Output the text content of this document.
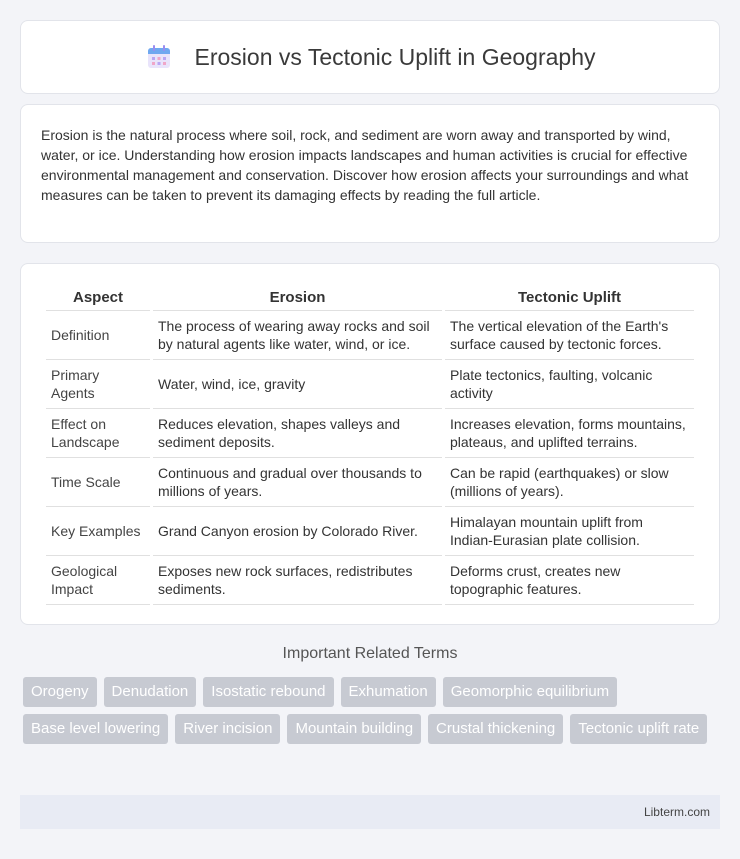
Erosion vs Tectonic Uplift in Geography

Erosion is the natural process where soil, rock, and sediment are worn away and transported by wind, water, or ice. Understanding how erosion impacts landscapes and human activities is crucial for effective environmental management and conservation. Discover how erosion affects your surroundings and what measures can be taken to prevent its damaging effects by reading the full article.

Aspect	Erosion	Tectonic Uplift
Definition	The process of wearing away rocks and soil by natural agents like water, wind, or ice.	The vertical elevation of the Earth's surface caused by tectonic forces.
Primary Agents	Water, wind, ice, gravity	Plate tectonics, faulting, volcanic activity
Effect on Landscape	Reduces elevation, shapes valleys and sediment deposits.	Increases elevation, forms mountains, plateaus, and uplifted terrains.
Time Scale	Continuous and gradual over thousands to millions of years.	Can be rapid (earthquakes) or slow (millions of years).
Key Examples	Grand Canyon erosion by Colorado River.	Himalayan mountain uplift from Indian-Eurasian plate collision.
Geological Impact	Exposes new rock surfaces, redistributes sediments.	Deforms crust, creates new topographic features.
Important Related Terms
Orogeny	Denudation	Isostatic rebound	Exhumation	Geomorphic equilibrium
Base level lowering	River incision	Mountain building	Crustal thickening	Tectonic uplift rate
Libterm.com
